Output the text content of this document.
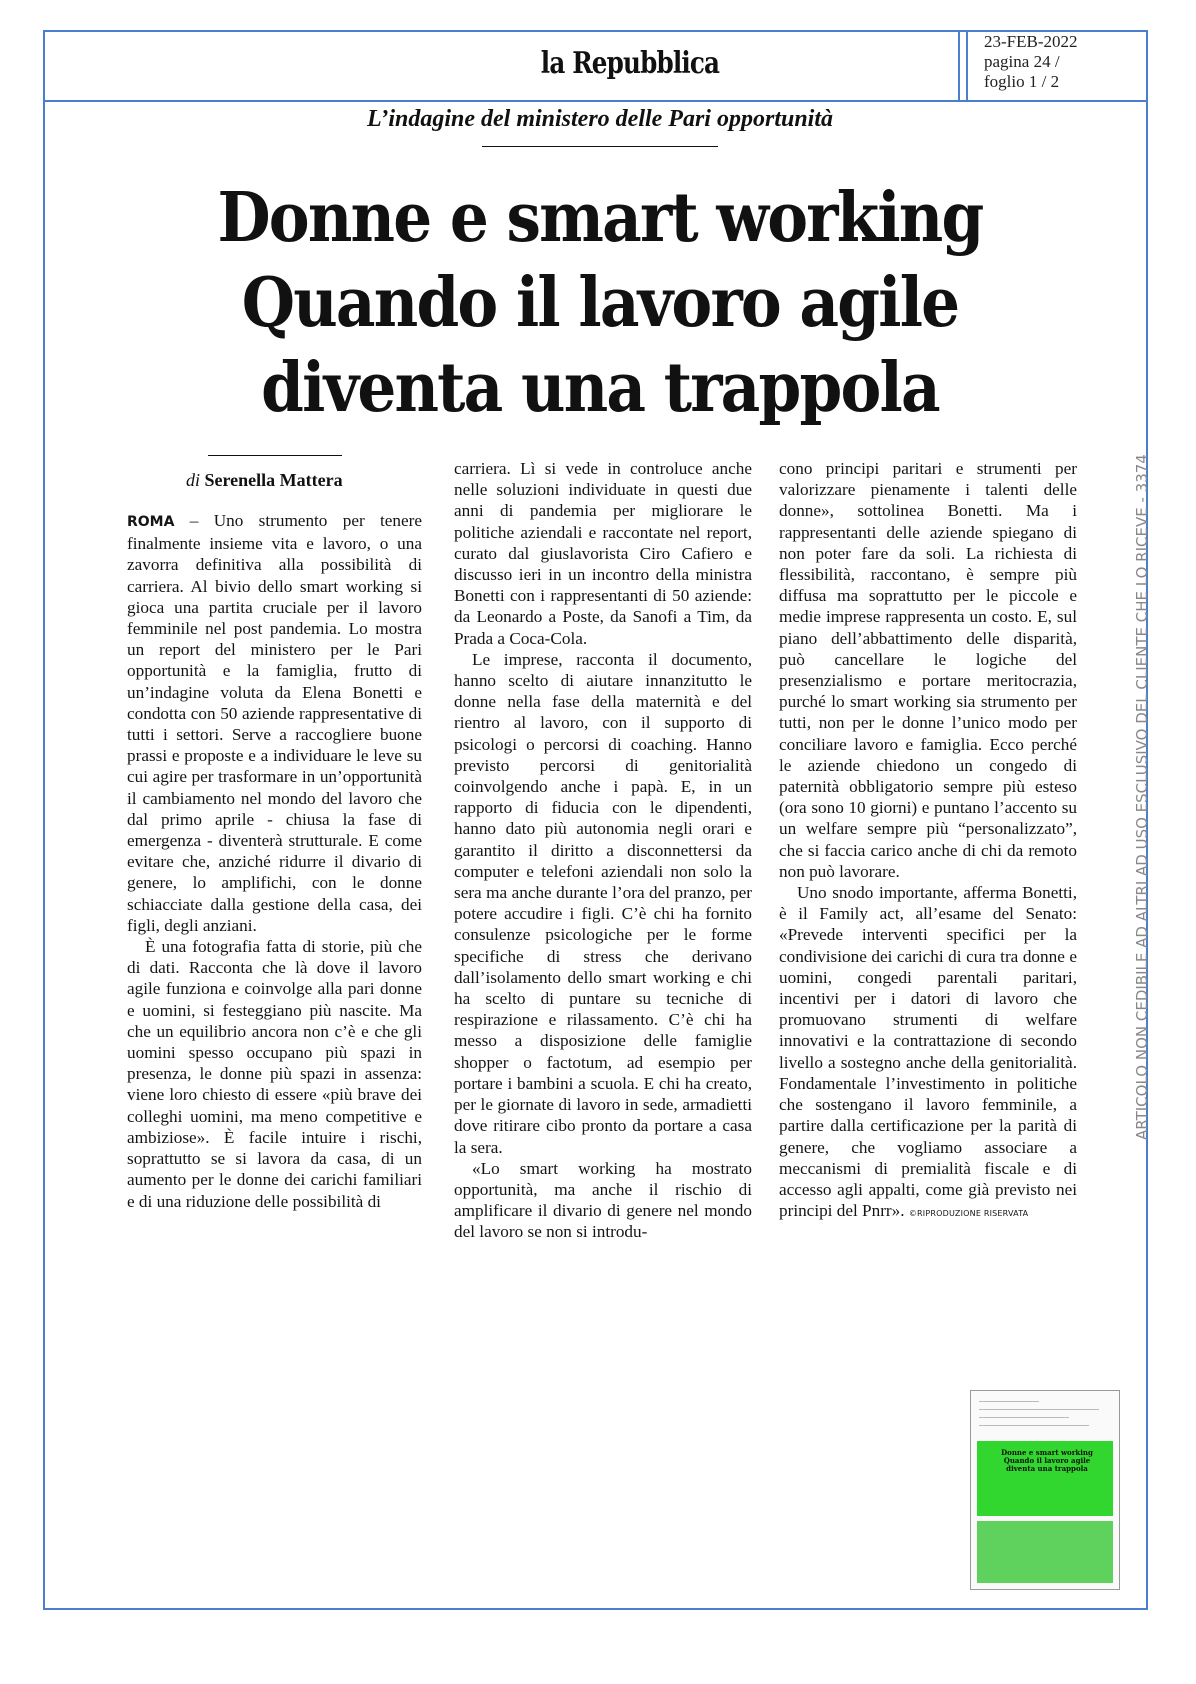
la Repubblica
23-FEB-2022
pagina 24 /
foglio 1 / 2
L’indagine del ministero delle Pari opportunità
Donne e smart working
Quando il lavoro agile
diventa una trappola
di Serenella Mattera

ROMA – Uno strumento per tenere finalmente insieme vita e lavoro, o una zavorra definitiva alla possibilità di carriera. Al bivio dello smart working si gioca una partita cruciale per il lavoro femminile nel post pandemia. Lo mostra un report del ministero per le Pari opportunità e la famiglia, frutto di un’indagine voluta da Elena Bonetti e condotta con 50 aziende rappresentative di tutti i settori. Serve a raccogliere buone prassi e proposte e a individuare le leve su cui agire per trasformare in un’opportunità il cambiamento nel mondo del lavoro che dal primo aprile - chiusa la fase di emergenza - diventerà strutturale. E come evitare che, anziché ridurre il divario di genere, lo amplifichi, con le donne schiacciate dalla gestione della casa, dei figli, degli anziani.

È una fotografia fatta di storie, più che di dati. Racconta che là dove il lavoro agile funziona e coinvolge alla pari donne e uomini, si festeggiano più nascite. Ma che un equilibrio ancora non c’è e che gli uomini spesso occupano più spazi in presenza, le donne più spazi in assenza: viene loro chiesto di essere «più brave dei colleghi uomini, ma meno competitive e ambiziose». È facile intuire i rischi, soprattutto se si lavora da casa, di un aumento per le donne dei carichi familiari e di una riduzione delle possibilità di

carriera. Lì si vede in controluce anche nelle soluzioni individuate in questi due anni di pandemia per migliorare le politiche aziendali e raccontate nel report, curato dal giuslavorista Ciro Cafiero e discusso ieri in un incontro della ministra Bonetti con i rappresentanti di 50 aziende: da Leonardo a Poste, da Sanofi a Tim, da Prada a Coca-Cola.

Le imprese, racconta il documento, hanno scelto di aiutare innanzitutto le donne nella fase della maternità e del rientro al lavoro, con il supporto di psicologi o percorsi di coaching. Hanno previsto percorsi di genitorialità coinvolgendo anche i papà. E, in un rapporto di fiducia con le dipendenti, hanno dato più autonomia negli orari e garantito il diritto a disconnettersi da computer e telefoni aziendali non solo la sera ma anche durante l’ora del pranzo, per potere accudire i figli. C’è chi ha fornito consulenze psicologiche per le forme specifiche di stress che derivano dall’isolamento dello smart working e chi ha scelto di puntare su tecniche di respirazione e rilassamento. C’è chi ha messo a disposizione delle famiglie shopper o factotum, ad esempio per portare i bambini a scuola. E chi ha creato, per le giornate di lavoro in sede, armadietti dove ritirare cibo pronto da portare a casa la sera.

«Lo smart working ha mostrato opportunità, ma anche il rischio di amplificare il divario di genere nel mondo del lavoro se non si introdu-

cono principi paritari e strumenti per valorizzare pienamente i talenti delle donne», sottolinea Bonetti. Ma i rappresentanti delle aziende spiegano di non poter fare da soli. La richiesta di flessibilità, raccontano, è sempre più diffusa ma soprattutto per le piccole e medie imprese rappresenta un costo. E, sul piano dell’abbattimento delle disparità, può cancellare le logiche del presenzialismo e portare meritocrazia, purché lo smart working sia strumento per tutti, non per le donne l’unico modo per conciliare lavoro e famiglia. Ecco perché le aziende chiedono un congedo di paternità obbligatorio sempre più esteso (ora sono 10 giorni) e puntano l’accento su un welfare sempre più “personalizzato”, che si faccia carico anche di chi da remoto non può lavorare.

Uno snodo importante, afferma Bonetti, è il Family act, all’esame del Senato: «Prevede interventi specifici per la condivisione dei carichi di cura tra donne e uomini, congedi parentali paritari, incentivi per i datori di lavoro che promuovano strumenti di welfare innovativi e la contrattazione di secondo livello a sostegno anche della genitorialità. Fondamentale l’investimento in politiche che sostengano il lavoro femminile, a partire dalla certificazione per la parità di genere, che vogliamo associare a meccanismi di premialità fiscale e di accesso agli appalti, come già previsto nei principi del Pnrr». ©RIPRODUZIONE RISERVATA

ARTICOLO NON CEDIBILE AD ALTRI AD USO ESCLUSIVO DEL CLIENTE CHE LO RICEVE - 3374
Donne e smart working Quando il lavoro agile diventa una trappola
